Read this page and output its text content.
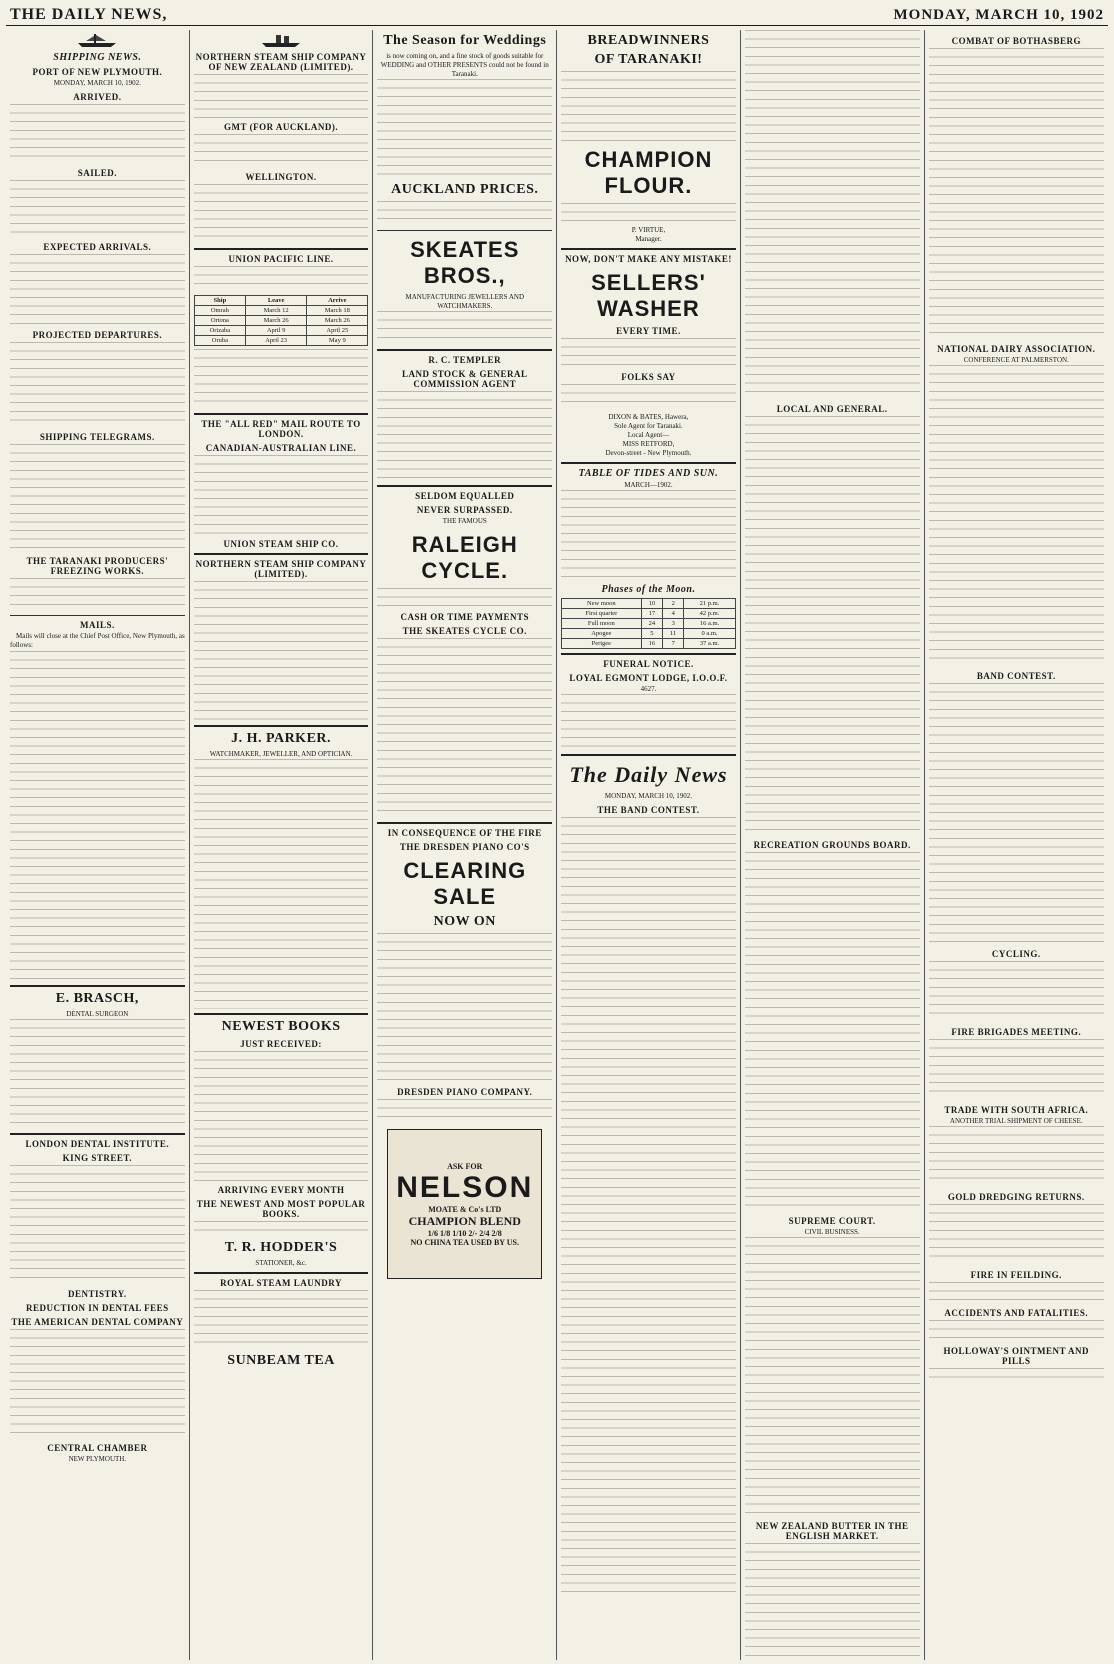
THE DAILY NEWS,	MONDAY, MARCH 10, 1902
SHIPPING NEWS.
PORT OF NEW PLYMOUTH.

MONDAY, MARCH 10, 1902.

ARRIVED.
SAILED.
EXPECTED ARRIVALS.
PROJECTED DEPARTURES.
SHIPPING TELEGRAMS.
THE TARANAKI PRODUCERS' FREEZING WORKS.
MAILS.

Mails will close at the Chief Post Office, New Plymouth, as follows:

E. BRASCH,

DENTAL SURGEON

LONDON DENTAL INSTITUTE.
KING STREET.
DENTISTRY.
REDUCTION IN DENTAL FEES
THE AMERICAN DENTAL COMPANY
CENTRAL CHAMBER

NEW PLYMOUTH.

NORTHERN STEAM SHIP COMPANY OF NEW ZEALAND (LIMITED).
GMT (FOR AUCKLAND).
WELLINGTON.
UNION PACIFIC LINE.
Ship	Leave	Arrive
Omrah	March 12	March 18
Ortona	March 26	March 26
Orizaba	April 9	April 25
Oruba	April 23	May 9
THE "ALL RED" MAIL ROUTE TO LONDON.
CANADIAN-AUSTRALIAN LINE.
UNION STEAM SHIP CO.
NORTHERN STEAM SHIP COMPANY (LIMITED).
J. H. PARKER.

WATCHMAKER, JEWELLER, AND OPTICIAN.

NEWEST BOOKS
JUST RECEIVED:
ARRIVING EVERY MONTH
THE NEWEST AND MOST POPULAR BOOKS.
T. R. HODDER'S

STATIONER, &c.

ROYAL STEAM LAUNDRY
SUNBEAM TEA
The Season for Weddings

is now coming on, and a fine stock of goods suitable for WEDDING and OTHER PRESENTS could not be found in Taranaki.

AUCKLAND PRICES.
SKEATES BROS.,

MANUFACTURING JEWELLERS AND WATCHMAKERS.

R. C. TEMPLER
LAND STOCK & GENERAL COMMISSION AGENT
SELDOM EQUALLED
NEVER SURPASSED.

THE FAMOUS

RALEIGH CYCLE.
CASH OR TIME PAYMENTS
THE SKEATES CYCLE CO.
IN CONSEQUENCE OF THE FIRE
THE DRESDEN PIANO CO'S
CLEARING SALE
NOW ON
DRESDEN PIANO COMPANY.
ASK FOR
NELSON
MOATE & Co's LTD
CHAMPION BLEND
1/6 1/8 1/10 2/- 2/4 2/8
NO CHINA TEA USED BY US.
BREADWINNERS
OF TARANAKI!
CHAMPION FLOUR.

P. VIRTUE,

Manager.

NOW, DON'T MAKE ANY MISTAKE!
SELLERS' WASHER
EVERY TIME.
FOLKS SAY

DIXON & BATES, Hawera,

Sole Agent for Taranaki.

Local Agent—

MISS RETFORD,

Devon-street - New Plymouth.

TABLE OF TIDES AND SUN.

MARCH—1902.

Phases of the Moon.
New moon	10	2	21 p.m.
First quarter	17	4	42 p.m.
Full moon	24	3	16 a.m.
Apogee	5	11	0 a.m.
Perigee	16	7	37 a.m.
FUNERAL NOTICE.
LOYAL EGMONT LODGE, I.O.O.F.

4627.

The Daily News

MONDAY, MARCH 10, 1902.

THE BAND CONTEST.
LOCAL AND GENERAL.
RECREATION GROUNDS BOARD.
SUPREME COURT.

CIVIL BUSINESS.

NEW ZEALAND BUTTER IN THE ENGLISH MARKET.
COMBAT OF BOTHASBERG
NATIONAL DAIRY ASSOCIATION.

CONFERENCE AT PALMERSTON.

BAND CONTEST.
CYCLING.
FIRE BRIGADES MEETING.
TRADE WITH SOUTH AFRICA.

ANOTHER TRIAL SHIPMENT OF CHEESE.

GOLD DREDGING RETURNS.
FIRE IN FEILDING.
ACCIDENTS AND FATALITIES.
HOLLOWAY'S OINTMENT AND PILLS
